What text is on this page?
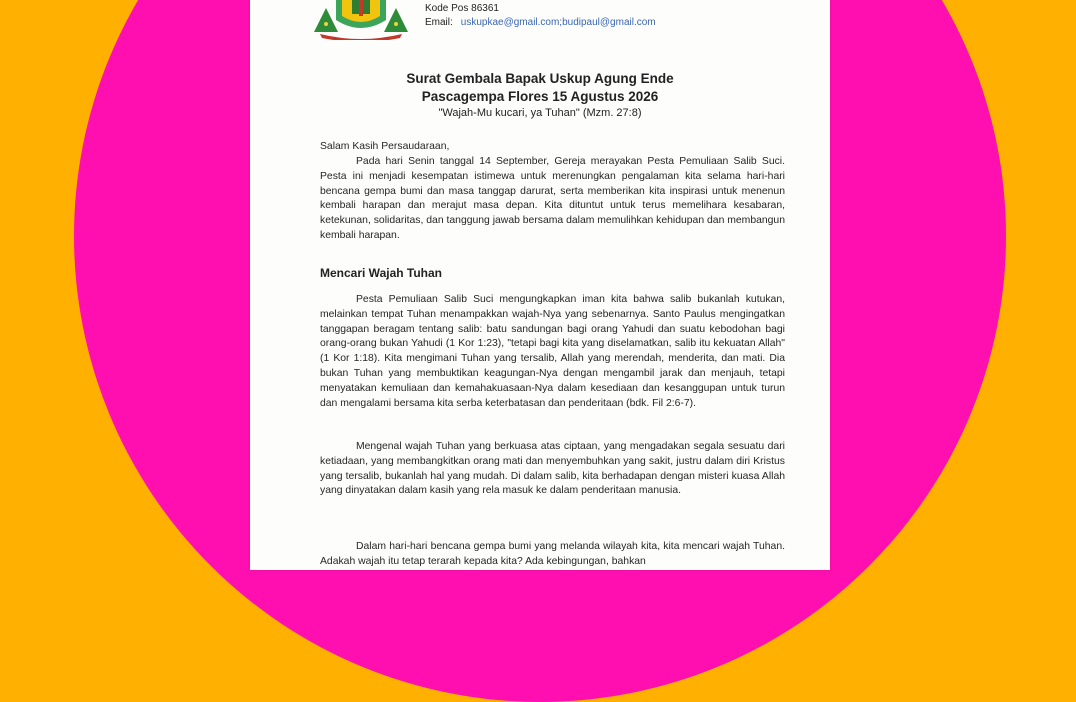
Kode Pos 86361
Email: uskupkae@gmail.com;budipaul@gmail.com
Surat Gembala Bapak Uskup Agung Ende
Pascagempa Flores 15 Agustus 2026
"Wajah-Mu kucari, ya Tuhan" (Mzm. 27:8)
Salam Kasih Persaudaraan,
Pada hari Senin tanggal 14 September, Gereja merayakan Pesta Pemuliaan Salib Suci. Pesta ini menjadi kesempatan istimewa untuk merenungkan pengalaman kita selama hari-hari bencana gempa bumi dan masa tanggap darurat, serta memberikan kita inspirasi untuk menenun kembali harapan dan merajut masa depan. Kita dituntut untuk terus memelihara kesabaran, ketekunan, solidaritas, dan tanggung jawab bersama dalam memulihkan kehidupan dan membangun kembali harapan.
Mencari Wajah Tuhan
Pesta Pemuliaan Salib Suci mengungkapkan iman kita bahwa salib bukanlah kutukan, melainkan tempat Tuhan menampakkan wajah-Nya yang sebenarnya. Santo Paulus mengingatkan tanggapan beragam tentang salib: batu sandungan bagi orang Yahudi dan suatu kebodohan bagi orang-orang bukan Yahudi (1 Kor 1:23), "tetapi bagi kita yang diselamatkan, salib itu kekuatan Allah" (1 Kor 1:18). Kita mengimani Tuhan yang tersalib, Allah yang merendah, menderita, dan mati. Dia bukan Tuhan yang membuktikan keagungan-Nya dengan mengambil jarak dan menjauh, tetapi menyatakan kemuliaan dan kemahakuasaan-Nya dalam kesediaan dan kesanggupan untuk turun dan mengalami bersama kita serba keterbatasan dan penderitaan (bdk. Fil 2:6-7).
Mengenal wajah Tuhan yang berkuasa atas ciptaan, yang mengadakan segala sesuatu dari ketiadaan, yang membangkitkan orang mati dan menyembuhkan yang sakit, justru dalam diri Kristus yang tersalib, bukanlah hal yang mudah. Di dalam salib, kita berhadapan dengan misteri kuasa Allah yang dinyatakan dalam kasih yang rela masuk ke dalam penderitaan manusia.
Dalam hari-hari bencana gempa bumi yang melanda wilayah kita, kita mencari wajah Tuhan. Adakah wajah itu tetap terarah kepada kita? Ada kebingungan, bahkan
